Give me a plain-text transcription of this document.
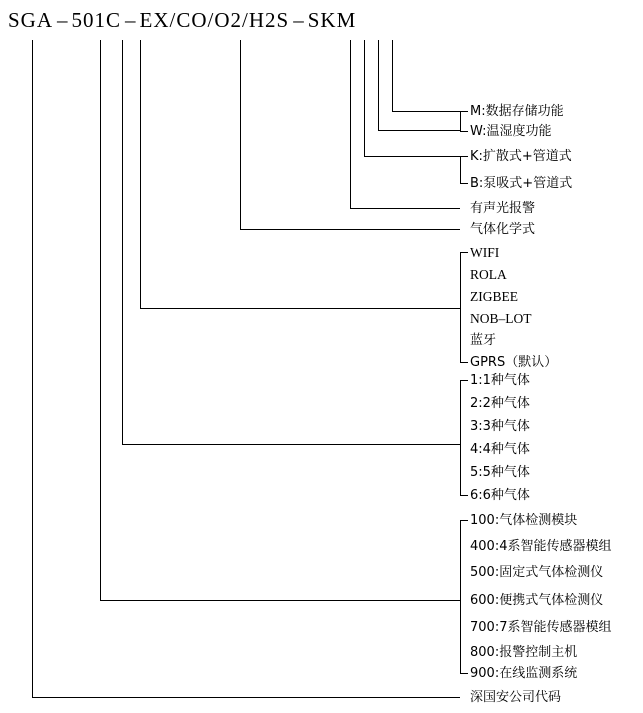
SGA – 501C – EX/CO/O2/H2S – SKM
M:数据存储功能
W:温湿度功能
K:扩散式+管道式
B:泵吸式+管道式
有声光报警
气体化学式
WIFI
ROLA
ZIGBEE
NOB–LOT
蓝牙
GPRS（默认）
1:1种气体
2:2种气体
3:3种气体
4:4种气体
5:5种气体
6:6种气体
100:气体检测模块
400:4系智能传感器模组
500:固定式气体检测仪
600:便携式气体检测仪
700:7系智能传感器模组
800:报警控制主机
900:在线监测系统
深国安公司代码
